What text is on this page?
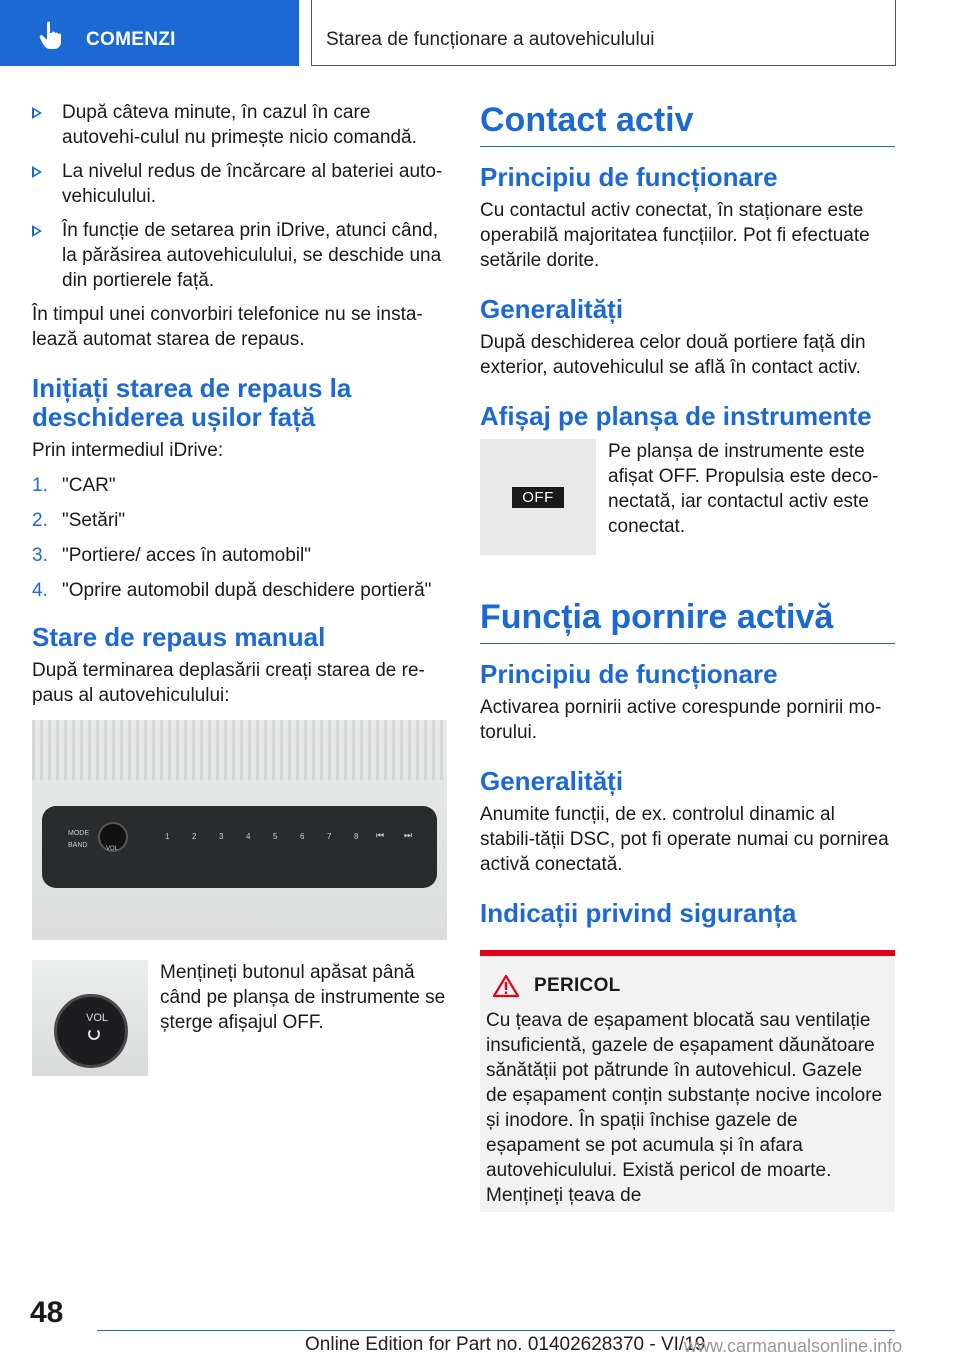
COMENZI	Starea de funcționare a autovehiculului
După câteva minute, în cazul în care autovehi-culul nu primește nicio comandă.
La nivelul redus de încărcare al bateriei auto-vehiculului.
În funcție de setarea prin iDrive, atunci când, la părăsirea autovehiculului, se deschide una din portierele față.

În timpul unei convorbiri telefonice nu se insta-lează automat starea de repaus.

Inițiați starea de repaus la deschiderea ușilor față

Prin intermediul iDrive:

1. "CAR"
2. "Setări"
3. "Portiere/ acces în automobil"
4. "Oprire automobil după deschidere portieră"
Stare de repaus manual

După terminarea deplasării creați starea de re-paus al autovehiculului:

MODE
BAND	VOL
1	2	3	4	5	6	7	8 ⏮ ⏭
VOL

Mențineți butonul apăsat până când pe planșa de instrumente se șterge afișajul OFF.

Contact activ
Principiu de funcționare

Cu contactul activ conectat, în staționare este operabilă majoritatea funcțiilor. Pot fi efectuate setările dorite.

Generalități

După deschiderea celor două portiere față din exterior, autovehiculul se află în contact activ.

Afișaj pe planșa de instrumente
OFF

Pe planșa de instrumente este afișat OFF. Propulsia este deco-nectată, iar contactul activ este conectat.

Funcția pornire activă
Principiu de funcționare

Activarea pornirii active corespunde pornirii mo-torului.

Generalități

Anumite funcții, de ex. controlul dinamic al stabili-tății DSC, pot fi operate numai cu pornirea activă conectată.

Indicații privind siguranța
PERICOL

Cu țeava de eșapament blocată sau ventilație insuficientă, gazele de eșapament dăunătoare sănătății pot pătrunde în autovehicul. Gazele de eșapament conțin substanțe nocive incolore și inodore. În spații închise gazele de eșapament se pot acumula și în afara autovehiculului. Există pericol de moarte. Mențineți țeava de

48
Online Edition for Part no. 01402628370 - VI/19
www.carmanualsonline.info
